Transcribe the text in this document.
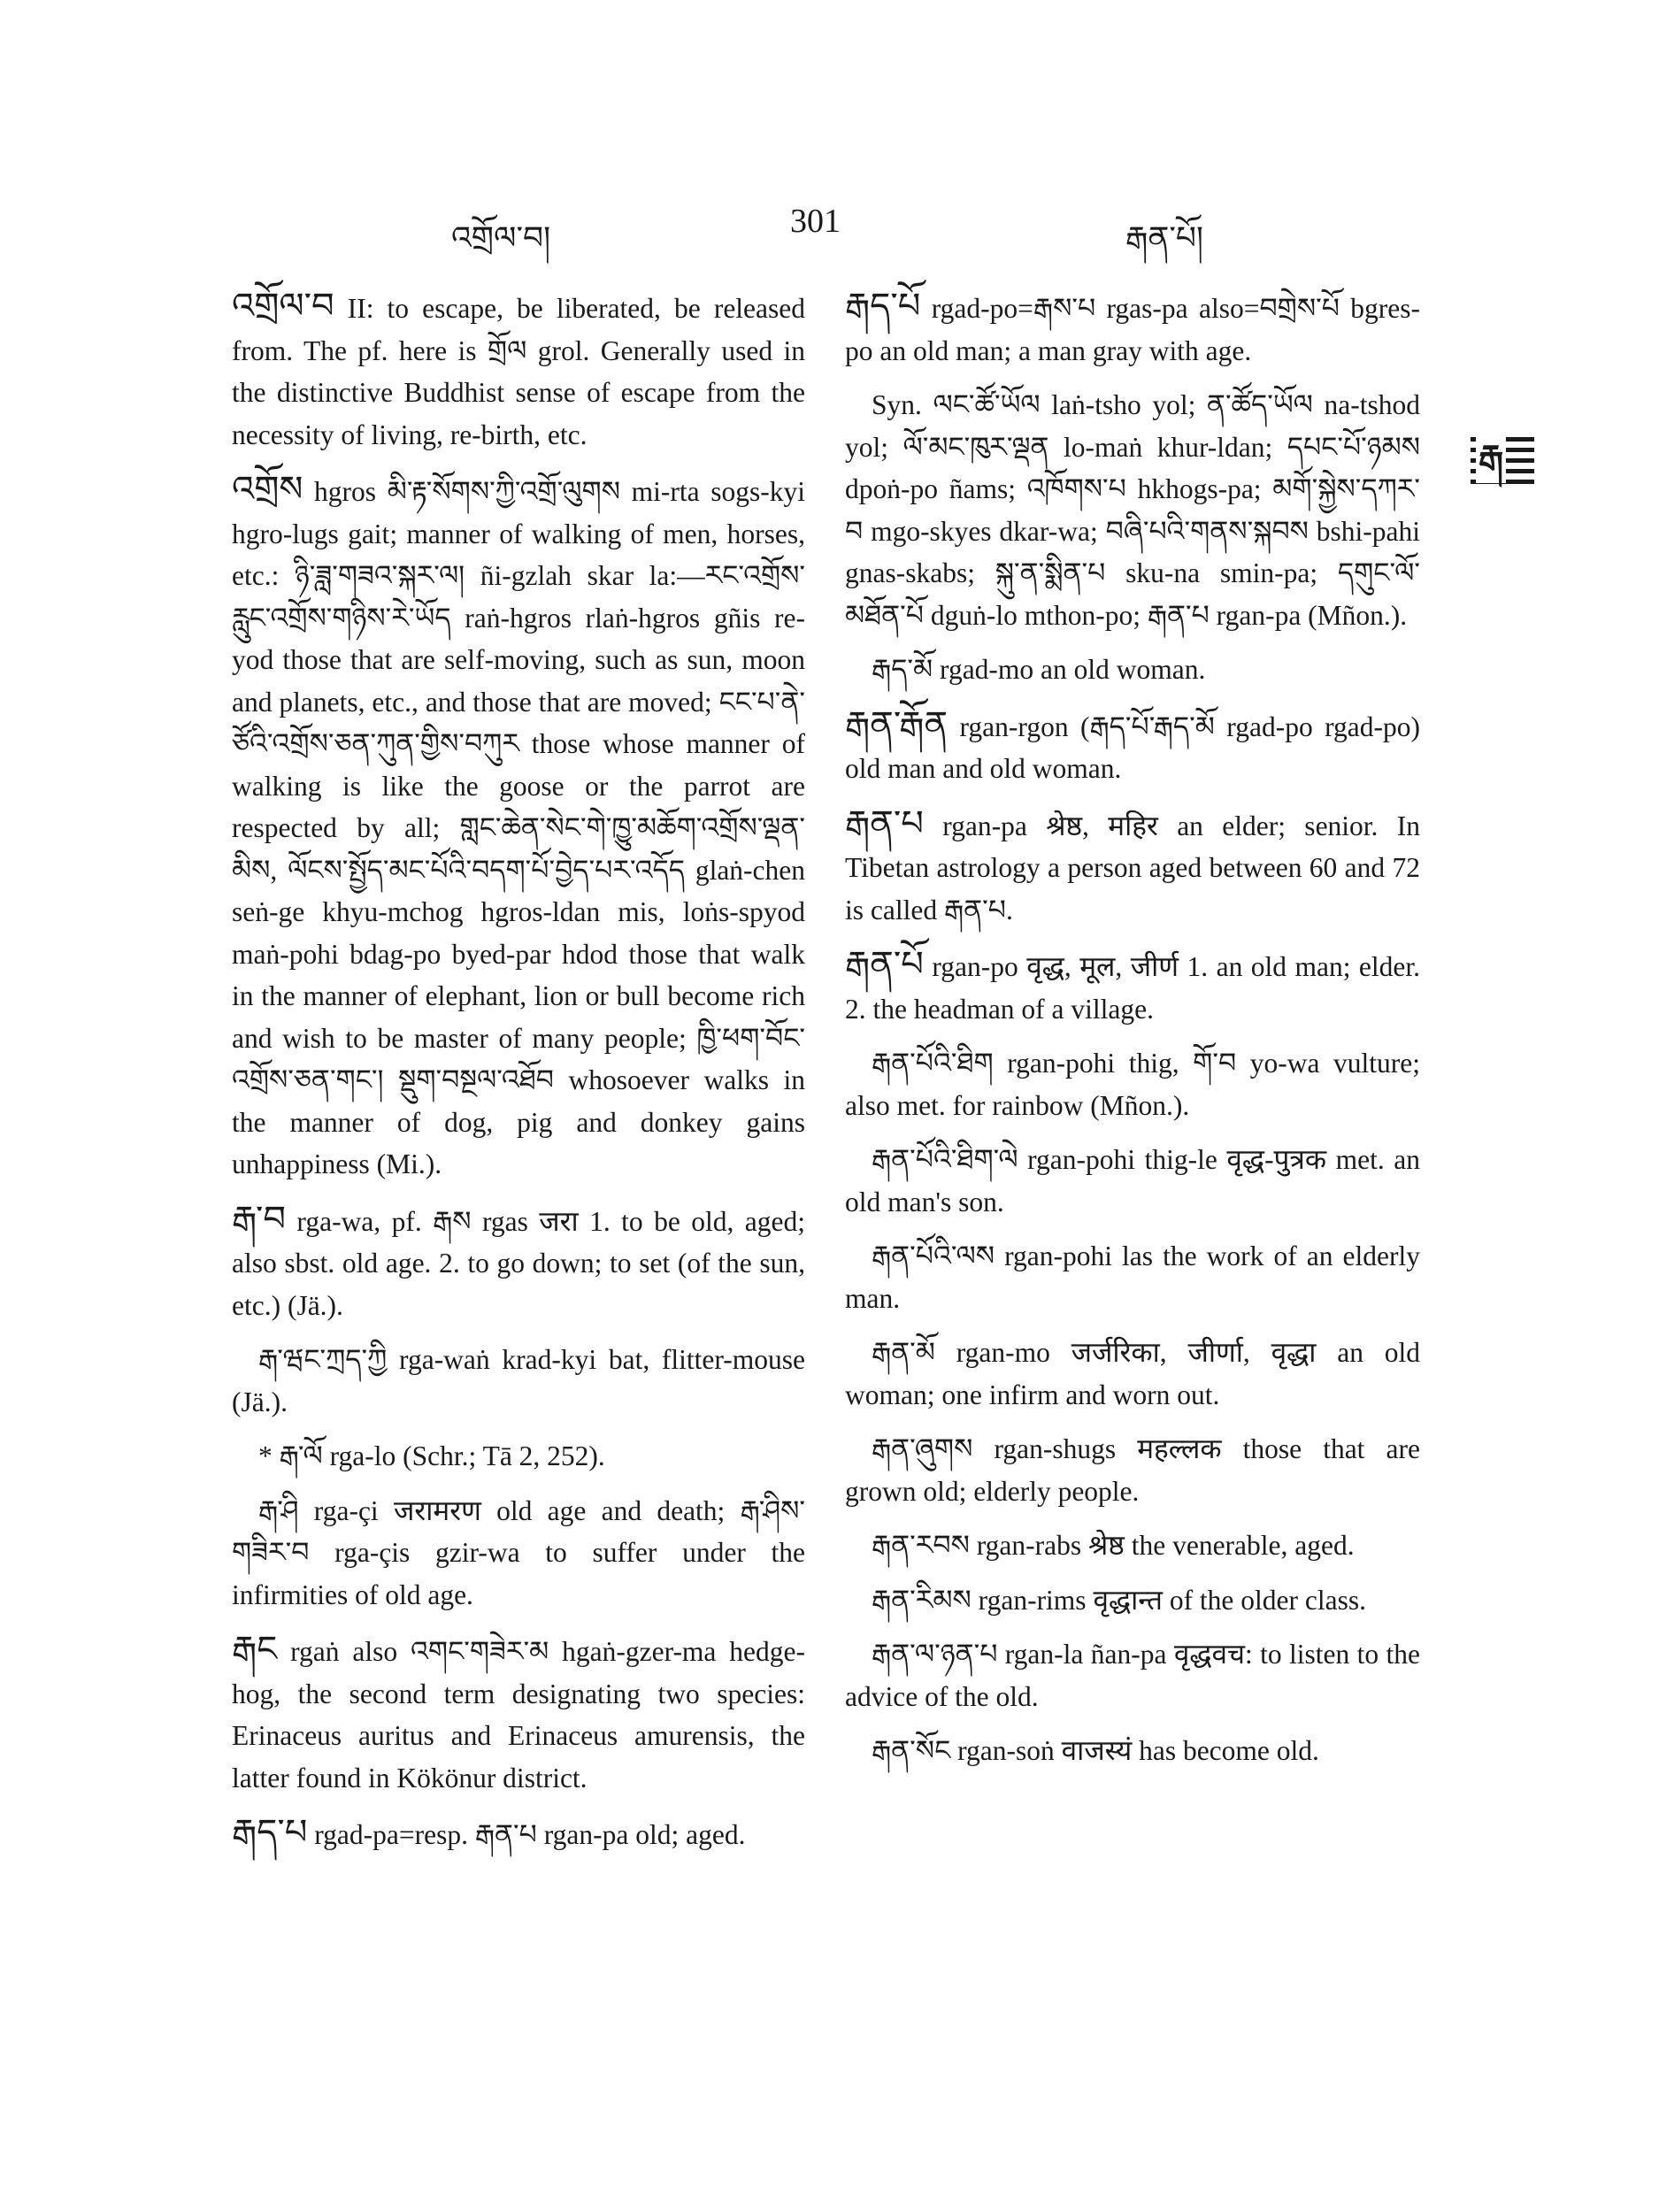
འགྲོལ་བ།	301	རྒན་པོ།

འགྲོལ་བ II: to escape, be liberated, be released from. The pf. here is གྲོལ grol. Generally used in the distinctive Buddhist sense of escape from the necessity of living, re-birth, etc.

འགྲོས hgros མི་རྟ་སོགས་ཀྱི་འགྲོ་ལུགས mi-rta sogs-kyi hgro-lugs gait; manner of walking of men, horses, etc.: ཉི་ཟླ་གཟའ་སྐར་ལ། ñi-gzlah skar la:—རང་འགྲོས་རླུང་འགྲོས་གཉིས་རེ་ཡོད raṅ-hgros rlaṅ-hgros gñis re-yod those that are self-moving, such as sun, moon and planets, etc., and those that are moved; ངང་པ་ནེ་ཙོའི་འགྲོས་ཅན་ཀུན་གྱིས་བཀུར those whose manner of walking is like the goose or the parrot are respected by all; གླང་ཆེན་སེང་གེ་ཁྱུ་མཆོག་འགྲོས་ལྡན་མིས, ལོངས་སྤྱོད་མང་པོའི་བདག་པོ་བྱེད་པར་འདོད glaṅ-chen seṅ-ge khyu-mchog hgros-ldan mis, loṅs-spyod maṅ-pohi bdag-po byed-par hdod those that walk in the manner of elephant, lion or bull become rich and wish to be master of many people; ཁྱི་ཕག་བོང་འགྲོས་ཅན་གང་། སྡུག་བསྔལ་འཐོབ whosoever walks in the manner of dog, pig and donkey gains unhappiness (Mi.).

རྒ་བ rga-wa, pf. རྒས rgas जरा 1. to be old, aged; also sbst. old age. 2. to go down; to set (of the sun, etc.) (Jä.).

རྒ་ཝང་ཀྲད་ཀྱི rga-waṅ krad-kyi bat, flitter-mouse (Jä.).

* རྒ་ལོ rga-lo (Schr.; Tā 2, 252).

རྒ་ཤི rga-çi जरामरण old age and death; རྒ་ཤིས་གཟིར་བ rga-çis gzir-wa to suffer under the infirmities of old age.

རྒང rgaṅ also འགང་གཟེར་མ hgaṅ-gzer-ma hedge-hog, the second term designating two species: Erinaceus auritus and Erinaceus amurensis, the latter found in Kökönur district.

རྒད་པ rgad-pa=resp. རྒན་པ rgan-pa old; aged.

རྒད་པོ rgad-po=རྒས་པ rgas-pa also=བགྲེས་པོ bgres-po an old man; a man gray with age.

Syn. ལང་ཚོ་ཡོལ laṅ-tsho yol; ན་ཚོད་ཡོལ na-tshod yol; ལོ་མང་ཁུར་ལྡན lo-maṅ khur-ldan; དཔང་པོ་ཉམས dpoṅ-po ñams; འཁོགས་པ hkhogs-pa; མགོ་སྐྱེས་དཀར་བ mgo-skyes dkar-wa; བཞི་པའི་གནས་སྐབས bshi-pahi gnas-skabs; སྐུ་ན་སྨིན་པ sku-na smin-pa; དགུང་ལོ་མཐོན་པོ dguṅ-lo mthon-po; རྒན་པ rgan-pa (Mñon.).

རྒད་མོ rgad-mo an old woman.

རྒན་རྒོན rgan-rgon (རྒད་པོ་རྒད་མོ rgad-po rgad-po) old man and old woman.

རྒན་པ rgan-pa श्रेष्ठ, महिर an elder; senior. In Tibetan astrology a person aged between 60 and 72 is called རྒན་པ.

རྒན་པོ rgan-po वृद्ध, मूल, जीर्ण 1. an old man; elder. 2. the headman of a village.

རྒན་པོའི་ཐིག rgan-pohi thig, གོ་བ yo-wa vulture; also met. for rainbow (Mñon.).

རྒན་པོའི་ཐིག་ལེ rgan-pohi thig-le वृद्ध-पुत्रक met. an old man's son.

རྒན་པོའི་ལས rgan-pohi las the work of an elderly man.

རྒན་མོ rgan-mo जर्जरिका, जीर्णा, वृद्धा an old woman; one infirm and worn out.

རྒན་ཞུགས rgan-shugs महल्लक those that are grown old; elderly people.

རྒན་རབས rgan-rabs श्रेष्ठ the venerable, aged.

རྒན་རིམས rgan-rims वृद्धान्त of the older class.

རྒན་ལ་ཉན་པ rgan-la ñan-pa वृद्धवच: to listen to the advice of the old.

རྒན་སོང rgan-soṅ वाजस्यं has become old.

རྒ
